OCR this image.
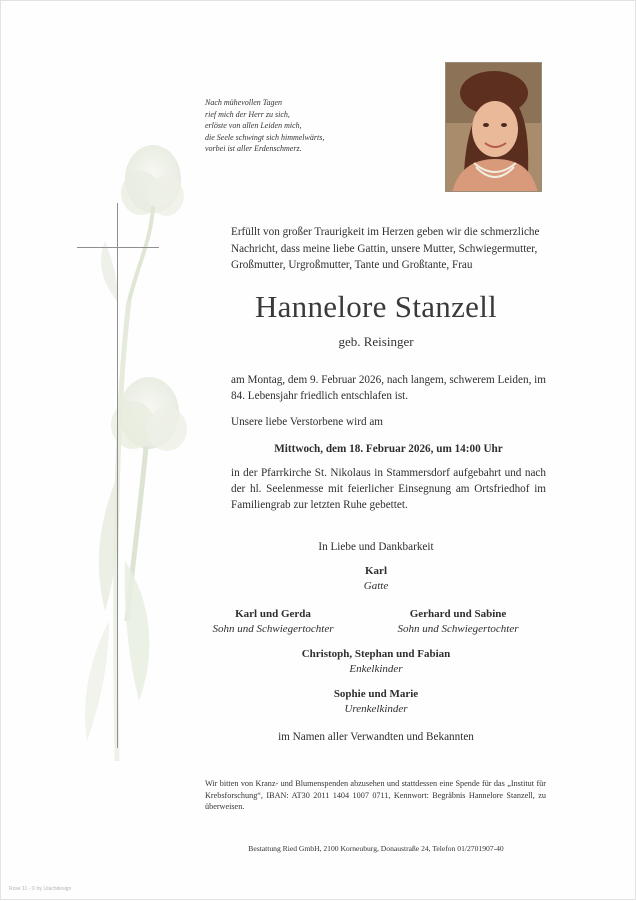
Nach mühevollen Tagen
rief mich der Herr zu sich,
erlöste von allen Leiden mich,
die Seele schwingt sich himmelwärts,
vorbei ist aller Erdenschmerz.
Erfüllt von großer Traurigkeit im Herzen geben wir die schmerzliche Nachricht, dass meine liebe Gattin, unsere Mutter, Schwiegermutter, Großmutter, Urgroßmutter, Tante und Großtante, Frau
Hannelore Stanzell
geb. Reisinger
am Montag, dem 9. Februar 2026, nach langem, schwerem Leiden, im 84. Lebensjahr friedlich entschlafen ist.
Unsere liebe Verstorbene wird am
Mittwoch, dem 18. Februar 2026, um 14:00 Uhr
in der Pfarrkirche St. Nikolaus in Stammersdorf aufgebahrt und nach der hl. Seelenmesse mit feierlicher Einsegnung am Ortsfriedhof im Familiengrab zur letzten Ruhe gebettet.
In Liebe und Dankbarkeit
Karl
Gatte
Karl und Gerda
Sohn und Schwiegertochter
Gerhard und Sabine
Sohn und Schwiegertochter
Christoph, Stephan und Fabian
Enkelkinder
Sophie und Marie
Urenkelkinder
im Namen aller Verwandten und Bekannten
Wir bitten von Kranz- und Blumenspenden abzusehen und stattdessen eine Spende für das „Institut für Krebsforschung“, IBAN: AT30 2011 1404 1007 0711, Kennwort: Begräbnis Hannelore Stanzell, zu überweisen.
Bestattung Ried GmbH, 2100 Korneuburg, Donaustraße 24, Telefon 01/2701907-40
Rose 11 - © by Lilachdesign
